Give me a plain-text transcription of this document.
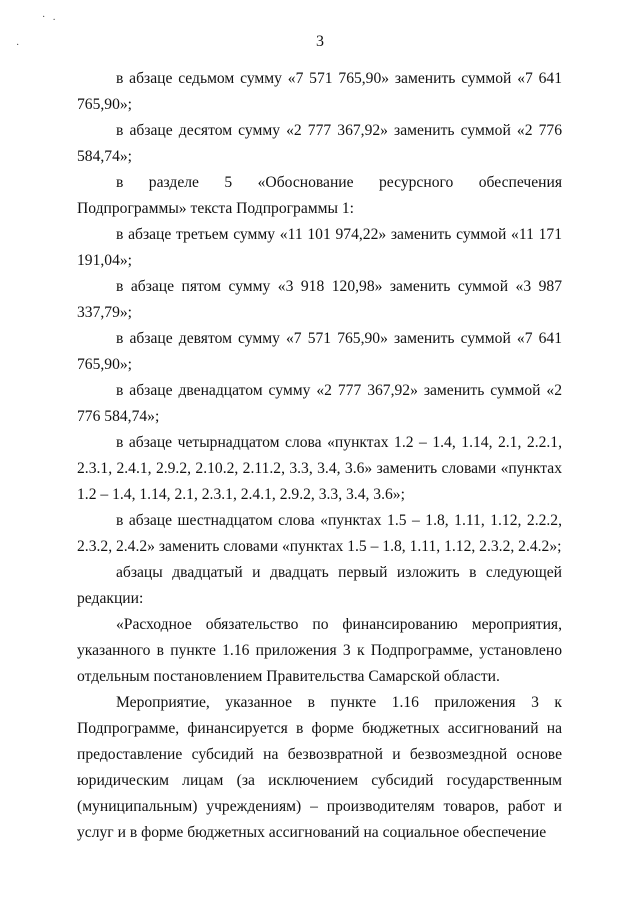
·   .
·	3

в абзаце седьмом сумму «7 571 765,90» заменить суммой «7 641 765,90»;

в абзаце десятом сумму «2 777 367,92» заменить суммой «2 776 584,74»;

в разделе 5 «Обоснование ресурсного обеспечения Подпрограммы» текста Подпрограммы 1:

в абзаце третьем сумму «11 101 974,22» заменить суммой «11 171 191,04»;

в абзаце пятом сумму «3 918 120,98» заменить суммой «3 987 337,79»;

в абзаце девятом сумму «7 571 765,90» заменить суммой «7 641 765,90»;

в абзаце двенадцатом сумму «2 777 367,92» заменить суммой «2 776 584,74»;

в абзаце четырнадцатом слова «пунктах 1.2 – 1.4, 1.14, 2.1, 2.2.1, 2.3.1, 2.4.1, 2.9.2, 2.10.2, 2.11.2, 3.3, 3.4, 3.6» заменить словами «пунктах 1.2 – 1.4, 1.14, 2.1, 2.3.1, 2.4.1, 2.9.2, 3.3, 3.4, 3.6»;

в абзаце шестнадцатом слова «пунктах 1.5 – 1.8, 1.11, 1.12, 2.2.2, 2.3.2, 2.4.2» заменить словами «пунктах 1.5 – 1.8, 1.11, 1.12, 2.3.2, 2.4.2»;

абзацы двадцатый и двадцать первый изложить в следующей редакции:

«Расходное обязательство по финансированию мероприятия, указанного в пункте 1.16 приложения 3 к Подпрограмме, установлено отдельным постановлением Правительства Самарской области.

Мероприятие, указанное в пункте 1.16 приложения 3 к Подпрограмме, финансируется в форме бюджетных ассигнований на предоставление субсидий на безвозвратной и безвозмездной основе юридическим лицам (за исключением субсидий государственным (муниципальным) учреждениям) – производителям товаров, работ и услуг и в форме бюджетных ассигнований на социальное обеспечение
